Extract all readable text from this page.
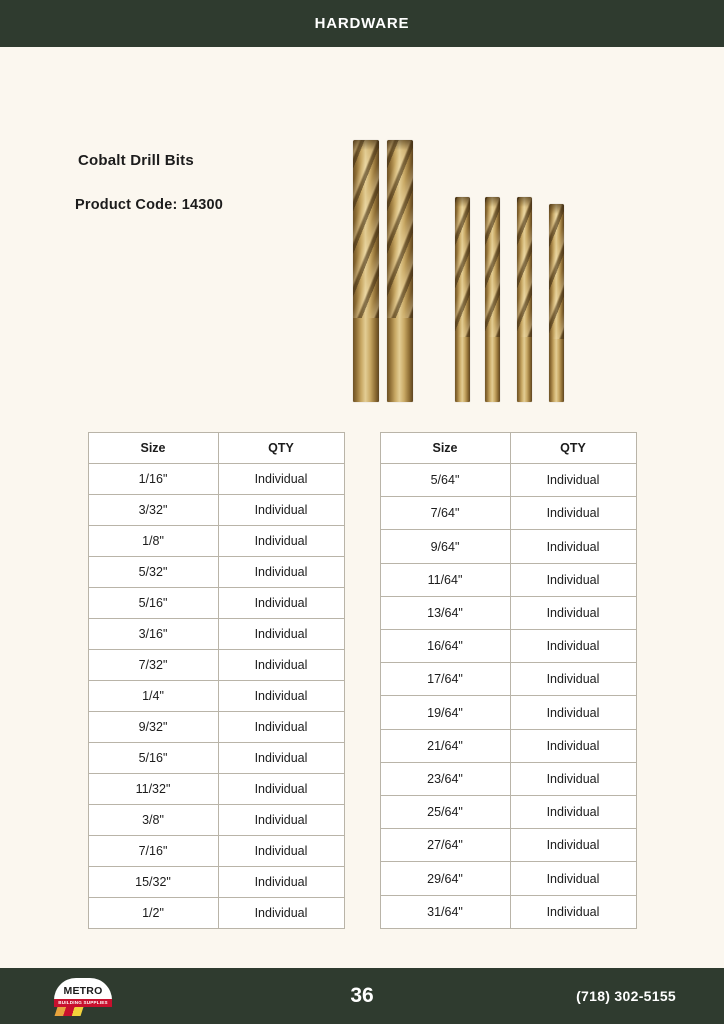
HARDWARE
Cobalt Drill Bits
Product Code: 14300
Size	QTY
1/16"	Individual
3/32"	Individual
1/8"	Individual
5/32"	Individual
5/16"	Individual
3/16"	Individual
7/32"	Individual
1/4"	Individual
9/32"	Individual
5/16"	Individual
11/32"	Individual
3/8"	Individual
7/16"	Individual
15/32"	Individual
1/2"	Individual
Size	QTY
5/64"	Individual
7/64"	Individual
9/64"	Individual
11/64"	Individual
13/64"	Individual
16/64"	Individual
17/64"	Individual
19/64"	Individual
21/64"	Individual
23/64"	Individual
25/64"	Individual
27/64"	Individual
29/64"	Individual
31/64"	Individual
METRO
BUILDING SUPPLIES	36	(718) 302-5155
